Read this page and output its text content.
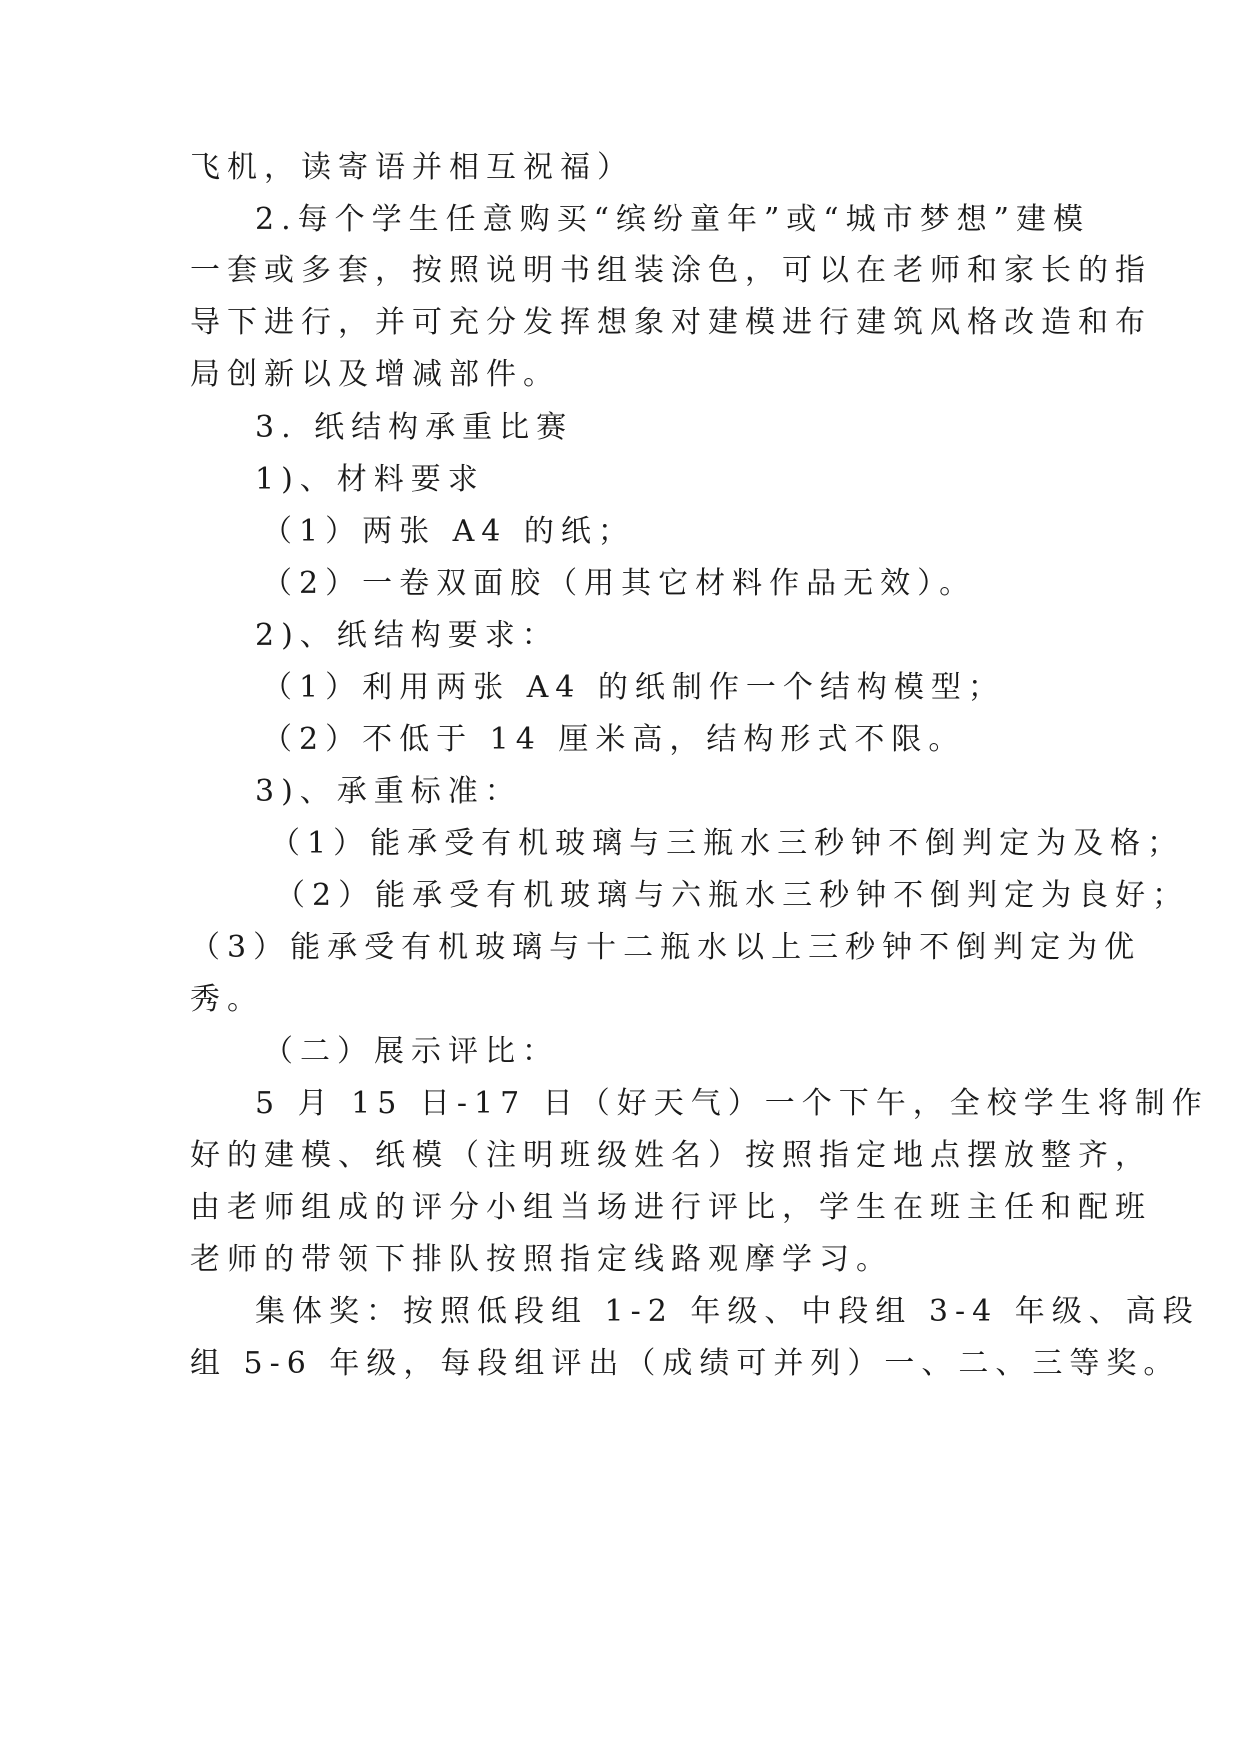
飞机，读寄语并相互祝福）
2.每个学生任意购买“缤纷童年”或“城市梦想”建模
一套或多套，按照说明书组装涂色，可以在老师和家长的指
导下进行，并可充分发挥想象对建模进行建筑风格改造和布
局创新以及增减部件。
3. 纸结构承重比赛
1)、材料要求
（1）两张 A4 的纸；
（2）一卷双面胶（用其它材料作品无效）。
2)、纸结构要求：
（1）利用两张 A4 的纸制作一个结构模型；
（2）不低于 14 厘米高，结构形式不限。
3)、承重标准：
（1）能承受有机玻璃与三瓶水三秒钟不倒判定为及格；
（2）能承受有机玻璃与六瓶水三秒钟不倒判定为良好；
（3）能承受有机玻璃与十二瓶水以上三秒钟不倒判定为优
秀。
（二）展示评比：
5 月 15 日-17 日（好天气）一个下午，全校学生将制作
好的建模、纸模（注明班级姓名）按照指定地点摆放整齐，
由老师组成的评分小组当场进行评比，学生在班主任和配班
老师的带领下排队按照指定线路观摩学习。
集体奖：按照低段组 1-2 年级、中段组 3-4 年级、高段
组 5-6 年级，每段组评出（成绩可并列）一、二、三等奖。
